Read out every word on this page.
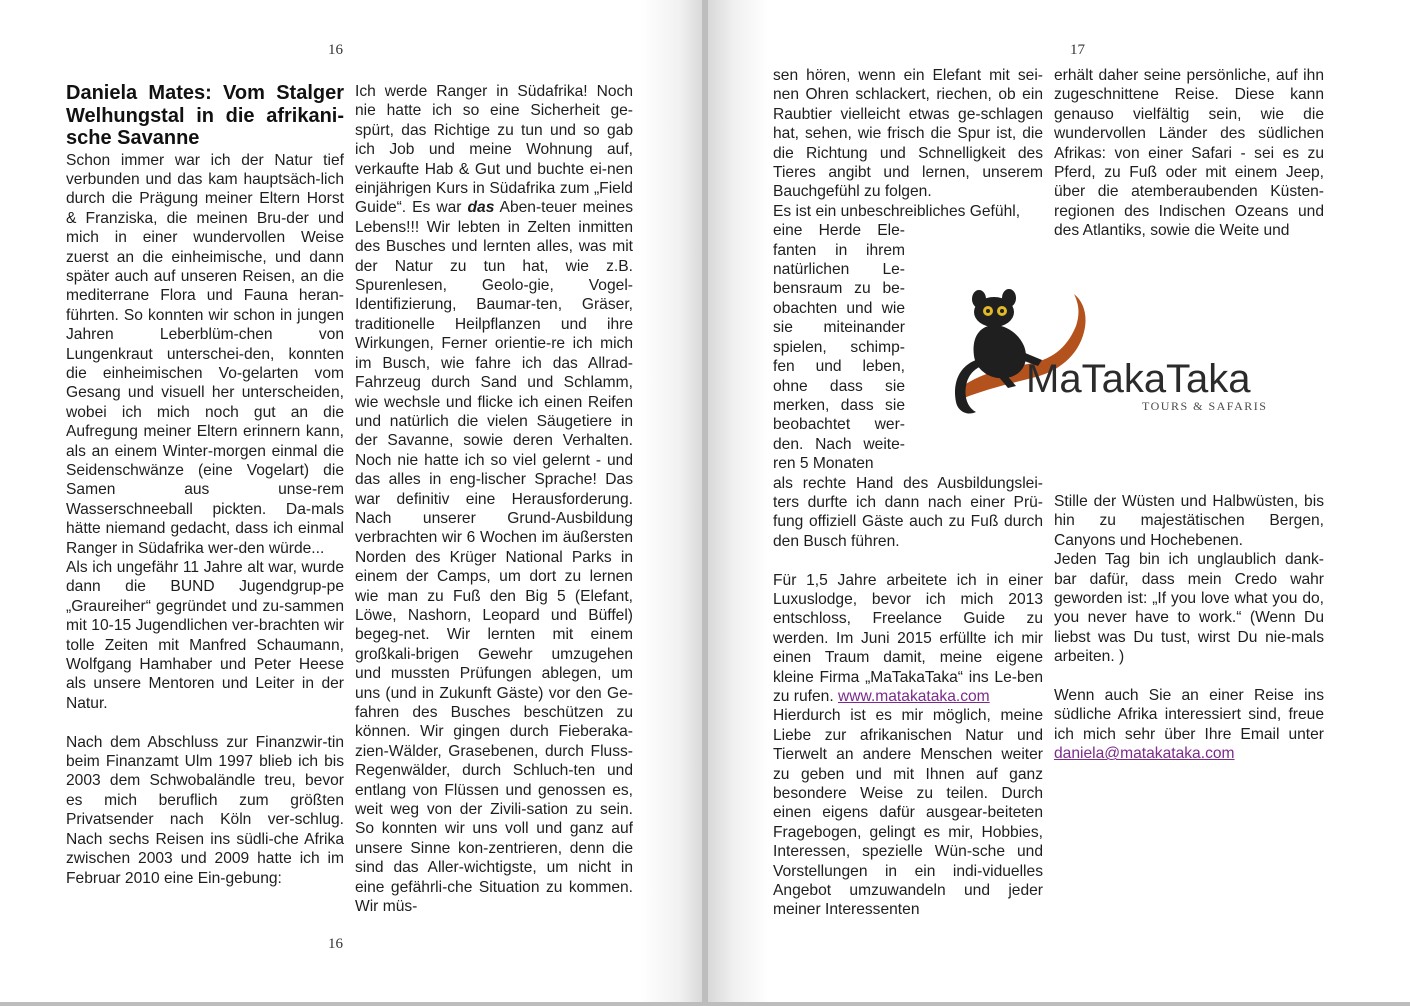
16
Daniela Mates: Vom Stalger Welhungstal in die afrikani-sche Savanne

Schon immer war ich der Natur tief verbunden und das kam hauptsäch-lich durch die Prägung meiner Eltern Horst & Franziska, die meinen Bru-der und mich in einer wundervollen Weise zuerst an die einheimische, und dann später auch auf unseren Reisen, an die mediterrane Flora und Fauna heran-führten. So konnten wir schon in jungen Jahren Leberblüm-chen von Lungenkraut unterschei-den, konnten die einheimischen Vo-gelarten vom Gesang und visuell her unterscheiden, wobei ich mich noch gut an die Aufregung meiner Eltern erinnern kann, als an einem Winter-morgen einmal die Seidenschwänze (eine Vogelart) die Samen aus unse-rem Wasserschneeball pickten. Da-mals hätte niemand gedacht, dass ich einmal Ranger in Südafrika wer-den würde...

Als ich ungefähr 11 Jahre alt war, wurde dann die BUND Jugendgrup-pe „Graureiher“ gegründet und zu-sammen mit 10-15 Jugendlichen ver-brachten wir tolle Zeiten mit Manfred Schaumann, Wolfgang Hamhaber und Peter Heese als unsere Mentoren und Leiter in der Natur.

Nach dem Abschluss zur Finanzwir-tin beim Finanzamt Ulm 1997 blieb ich bis 2003 dem Schwobaländle treu, bevor es mich beruflich zum größten Privatsender nach Köln ver-schlug. Nach sechs Reisen ins südli-che Afrika zwischen 2003 und 2009 hatte ich im Februar 2010 eine Ein-gebung:

Ich werde Ranger in Südafrika! Noch nie hatte ich so eine Sicherheit ge-spürt, das Richtige zu tun und so gab ich Job und meine Wohnung auf, verkaufte Hab & Gut und buchte ei-nen einjährigen Kurs in Südafrika zum „Field Guide“. Es war das Aben-teuer meines Lebens!!! Wir lebten in Zelten inmitten des Busches und lernten alles, was mit der Natur zu tun hat, wie z.B. Spurenlesen, Geolo-gie, Vogel-Identifizierung, Baumar-ten, Gräser, traditionelle Heilpflanzen und ihre Wirkungen, Ferner orientie-re ich mich im Busch, wie fahre ich das Allrad-Fahrzeug durch Sand und Schlamm, wie wechsle und flicke ich einen Reifen und natürlich die vielen Säugetiere in der Savanne, sowie deren Verhalten. Noch nie hatte ich so viel gelernt - und das alles in eng-lischer Sprache! Das war definitiv eine Herausforderung. Nach unserer Grund-Ausbildung verbrachten wir 6 Wochen im äußersten Norden des Krüger National Parks in einem der Camps, um dort zu lernen wie man zu Fuß den Big 5 (Elefant, Löwe, Nashorn, Leopard und Büffel) begeg-net. Wir lernten mit einem großkali-brigen Gewehr umzugehen und mussten Prüfungen ablegen, um uns (und in Zukunft Gäste) vor den Ge-fahren des Busches beschützen zu können. Wir gingen durch Fieberaka-zien-Wälder, Grasebenen, durch Fluss-Regenwälder, durch Schluch-ten und entlang von Flüssen und genossen es, weit weg von der Zivili-sation zu sein. So konnten wir uns voll und ganz auf unsere Sinne kon-zentrieren, denn die sind das Aller-wichtigste, um nicht in eine gefährli-che Situation zu kommen. Wir müs-

16
17

sen hören, wenn ein Elefant mit sei-nen Ohren schlackert, riechen, ob ein Raubtier vielleicht etwas ge-schlagen hat, sehen, wie frisch die Spur ist, die die Richtung und Schnelligkeit des Tieres angibt und lernen, unserem Bauchgefühl zu folgen.

Es ist ein unbeschreibliches Gefühl,

eine Herde Ele-fanten in ihrem natürlichen Le-bensraum zu be-obachten und wie sie miteinander spielen, schimp-fen und leben, ohne dass sie merken, dass sie beobachtet wer-den. Nach weite-ren 5 Monaten

als rechte Hand des Ausbildungslei-ters durfte ich dann nach einer Prü-fung offiziell Gäste auch zu Fuß durch den Busch führen.

Für 1,5 Jahre arbeitete ich in einer Luxuslodge, bevor ich mich 2013 entschloss, Freelance Guide zu werden. Im Juni 2015 erfüllte ich mir einen Traum damit, meine eigene kleine Firma „MaTakaTaka“ ins Le-ben zu rufen. www.matakataka.com

Hierdurch ist es mir möglich, meine Liebe zur afrikanischen Natur und Tierwelt an andere Menschen weiter zu geben und mit Ihnen auf ganz besondere Weise zu teilen. Durch einen eigens dafür ausgear-beiteten Fragebogen, gelingt es mir, Hobbies, Interessen, spezielle Wün-sche und Vorstellungen in ein indi-viduelles Angebot umzuwandeln und jeder meiner Interessenten

erhält daher seine persönliche, auf ihn zugeschnittene Reise. Diese kann genauso vielfältig sein, wie die wundervollen Länder des südlichen Afrikas: von einer Safari - sei es zu Pferd, zu Fuß oder mit einem Jeep, über die atemberaubenden Küsten-regionen des Indischen Ozeans und des Atlantiks, sowie die Weite und

Stille der Wüsten und Halbwüsten, bis hin zu majestätischen Bergen, Canyons und Hochebenen.

Jeden Tag bin ich unglaublich dank-bar dafür, dass mein Credo wahr geworden ist: „If you love what you do, you never have to work.“ (Wenn Du liebst was Du tust, wirst Du nie-mals arbeiten. )

Wenn auch Sie an einer Reise ins südliche Afrika interessiert sind, freue ich mich sehr über Ihre Email unter daniela@matakataka.com

MaTakaTaka
TOURS & SAFARIS
